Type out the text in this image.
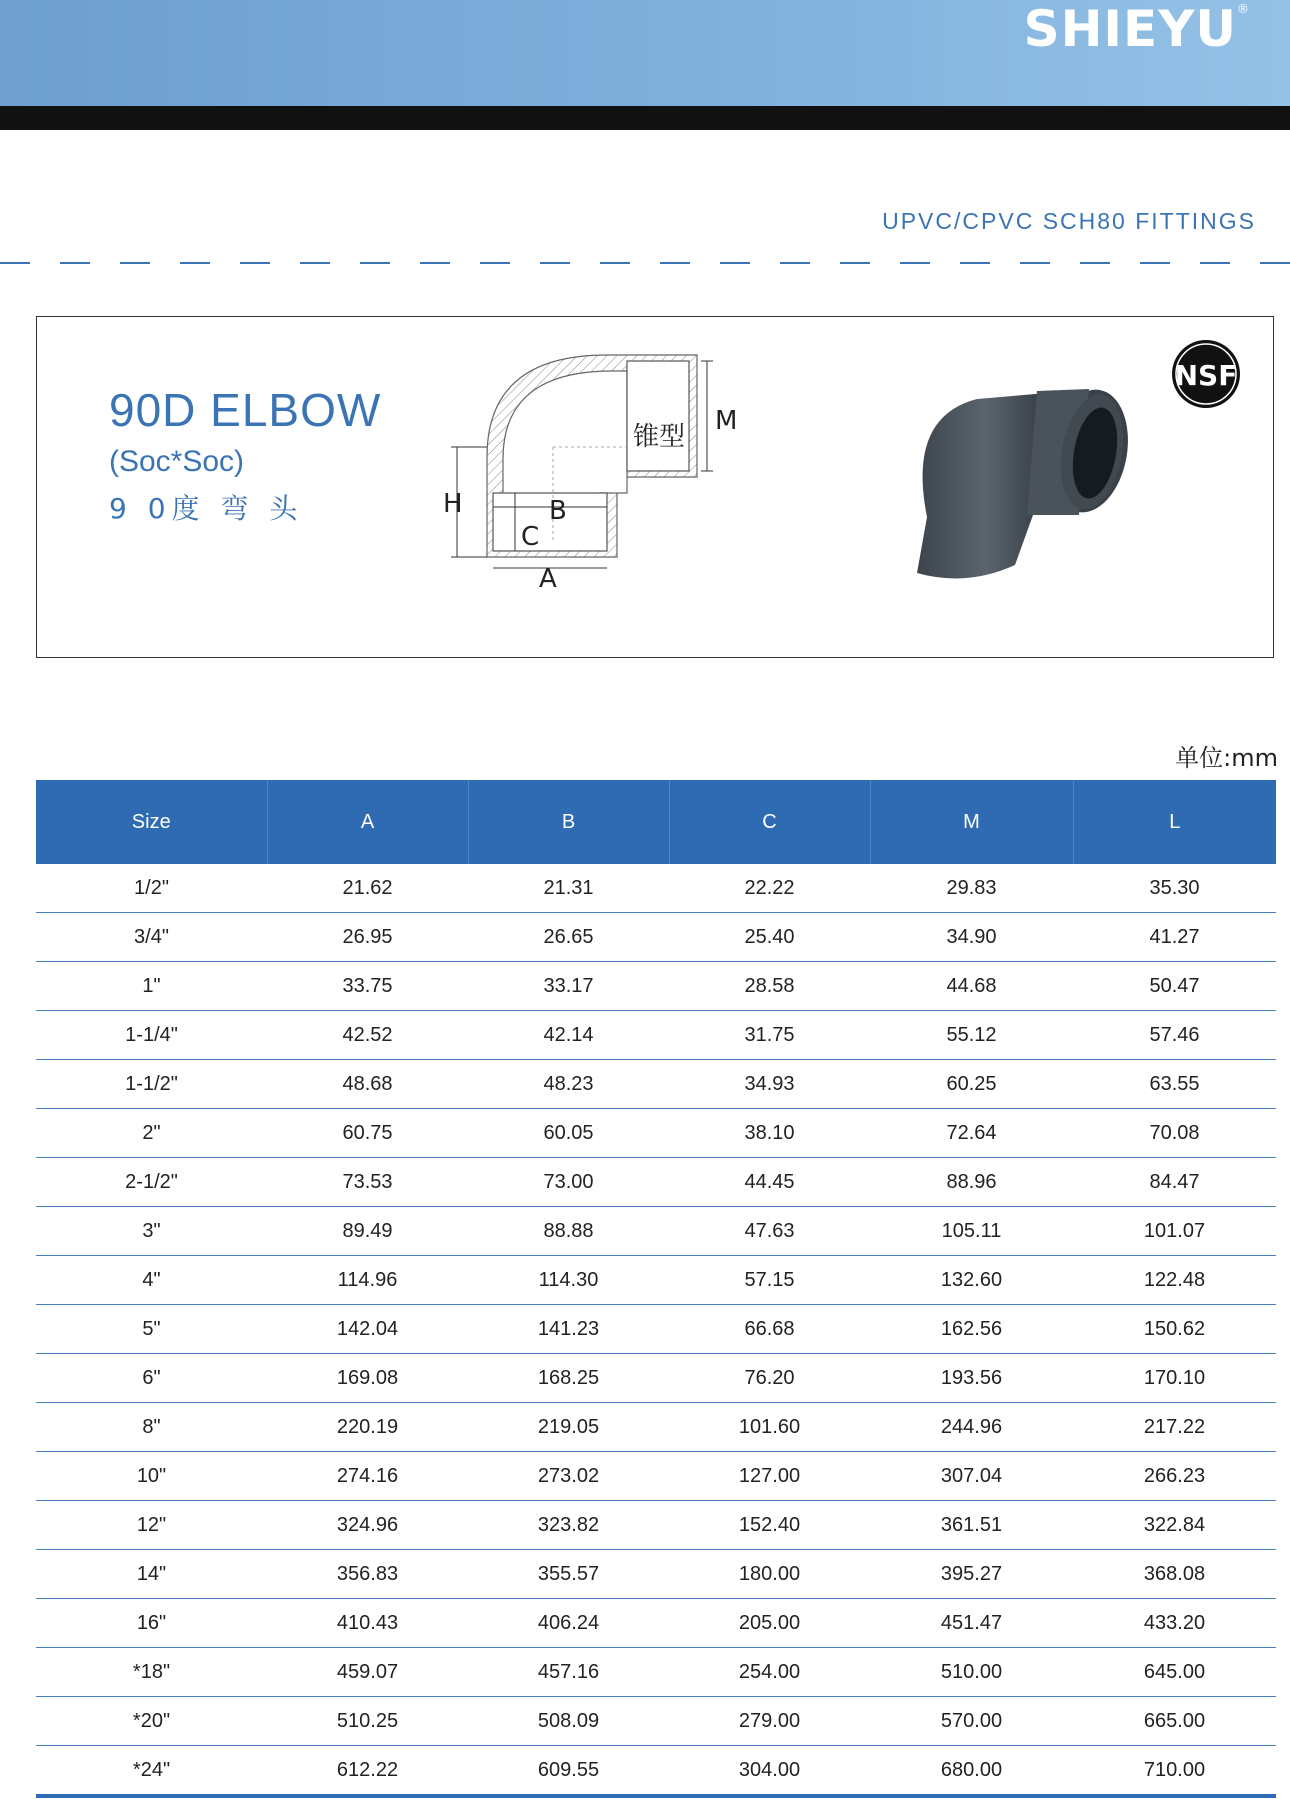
SHIEYU®
UPVC/CPVC SCH80 FITTINGS
90D ELBOW
(Soc*Soc)
9 0度 弯 头	H
M
B
C
A
锥型
NSF
单位:mm
Size	A	B	C	M	L
1/2"	21.62	21.31	22.22	29.83	35.30
3/4"	26.95	26.65	25.40	34.90	41.27
1"	33.75	33.17	28.58	44.68	50.47
1-1/4"	42.52	42.14	31.75	55.12	57.46
1-1/2"	48.68	48.23	34.93	60.25	63.55
2"	60.75	60.05	38.10	72.64	70.08
2-1/2"	73.53	73.00	44.45	88.96	84.47
3"	89.49	88.88	47.63	105.11	101.07
4"	114.96	114.30	57.15	132.60	122.48
5"	142.04	141.23	66.68	162.56	150.62
6"	169.08	168.25	76.20	193.56	170.10
8"	220.19	219.05	101.60	244.96	217.22
10"	274.16	273.02	127.00	307.04	266.23
12"	324.96	323.82	152.40	361.51	322.84
14"	356.83	355.57	180.00	395.27	368.08
16"	410.43	406.24	205.00	451.47	433.20
*18"	459.07	457.16	254.00	510.00	645.00
*20"	510.25	508.09	279.00	570.00	665.00
*24"	612.22	609.55	304.00	680.00	710.00
